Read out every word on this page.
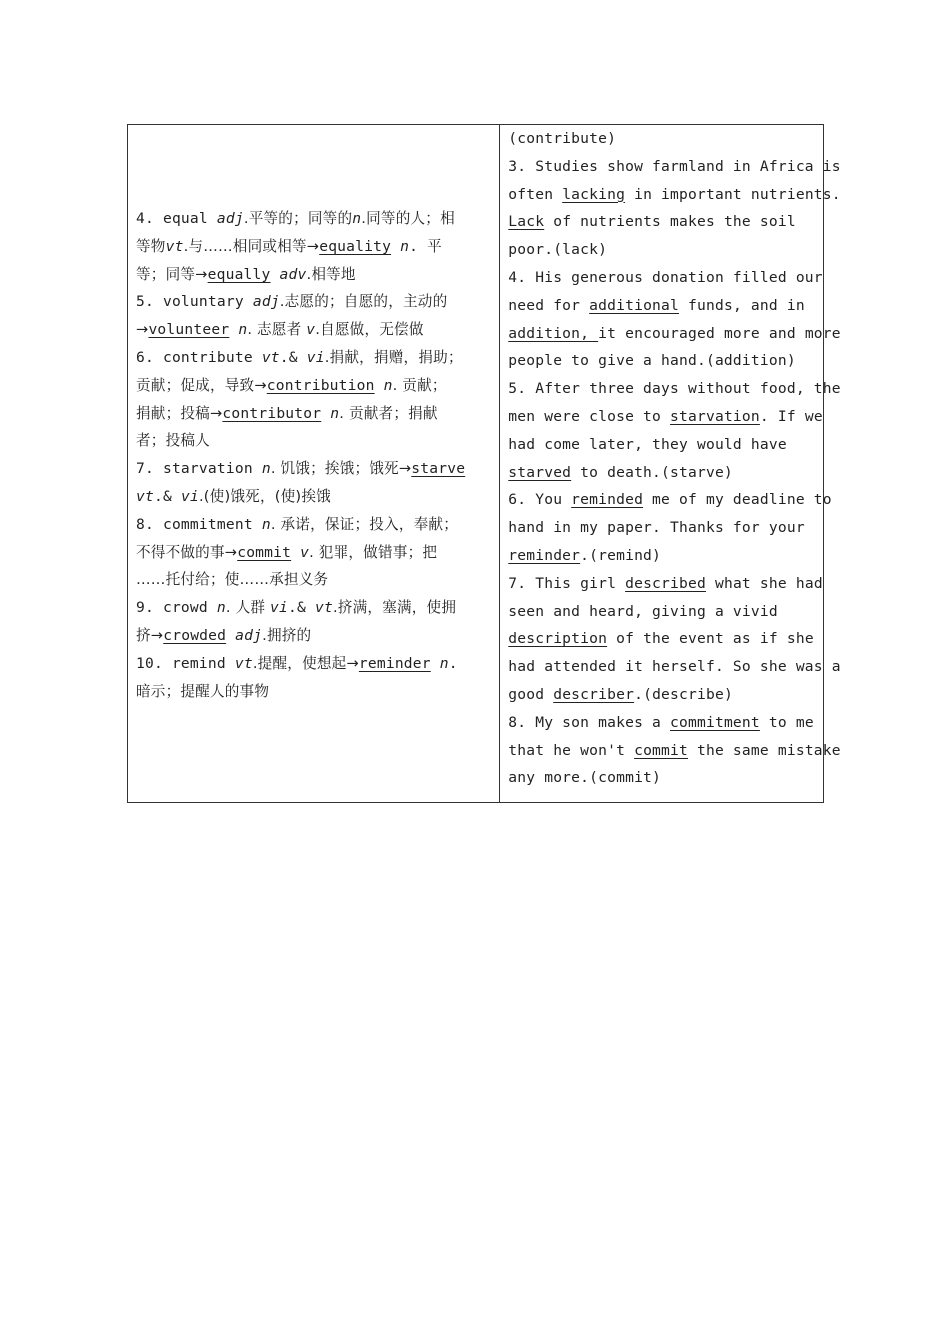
4. equal adj.平等的；同等的n.同等的人；相
等物vt.与……相同或相等→equality n. 平
等；同等→equally adv.相等地
5. voluntary adj.志愿的；自愿的，主动的
→volunteer n. 志愿者 v.自愿做，无偿做
6. contribute vt.& vi.捐献，捐赠，捐助；
贡献；促成，导致→contribution n. 贡献；
捐献；投稿→contributor n. 贡献者；捐献
者；投稿人
7. starvation n. 饥饿；挨饿；饿死→starve
vt.& vi.(使)饿死，(使)挨饿
8. commitment n. 承诺，保证；投入，奉献；
不得不做的事→commit v. 犯罪，做错事；把
……托付给；使……承担义务
9. crowd n. 人群 vi.& vt.挤满，塞满，使拥
挤→crowded adj.拥挤的
10. remind vt.提醒，使想起→reminder n.
暗示；提醒人的事物

(contribute)
3. Studies show farmland in Africa is
often lacking in important nutrients.
Lack of nutrients makes the soil
poor.(lack)
4. His generous donation filled our
need for additional funds, and in
addition, it encouraged more and more
people to give a hand.(addition)
5. After three days without food, the
men were close to starvation. If we
had come later, they would have
starved to death.(starve)
6. You reminded me of my deadline to
hand in my paper. Thanks for your
reminder.(remind)
7. This girl described what she had
seen and heard, giving a vivid
description of the event as if she
had attended it herself. So she was a
good describer.(describe)
8. My son makes a commitment to me
that he won't commit the same mistake
any more.(commit)
